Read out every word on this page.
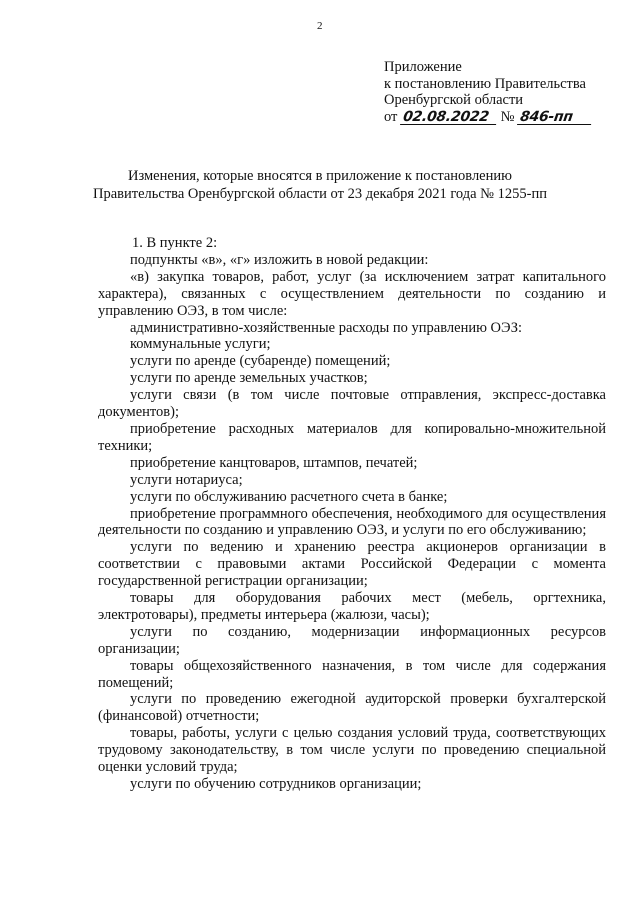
2
Приложение
к постановлению Правительства
Оренбургской области
от 02.08.2022 № 846-пп
Изменения, которые вносятся в приложение к постановлению
Правительства Оренбургской области от 23 декабря 2021 года № 1255-пп

1. В пункте 2:

подпункты «в», «г» изложить в новой редакции:

«в) закупка товаров, работ, услуг (за исключением затрат капитального характера), связанных с осуществлением деятельности по созданию и управлению ОЭЗ, в том числе:

административно-хозяйственные расходы по управлению ОЭЗ:

коммунальные услуги;

услуги по аренде (субаренде) помещений;

услуги по аренде земельных участков;

услуги связи (в том числе почтовые отправления, экспресс-доставка документов);

приобретение расходных материалов для копировально-множительной техники;

приобретение канцтоваров, штампов, печатей;

услуги нотариуса;

услуги по обслуживанию расчетного счета в банке;

приобретение программного обеспечения, необходимого для осуществления деятельности по созданию и управлению ОЭЗ, и услуги по его обслуживанию;

услуги по ведению и хранению реестра акционеров организации в соответствии с правовыми актами Российской Федерации с момента государственной регистрации организации;

товары для оборудования рабочих мест (мебель, оргтехника, электротовары), предметы интерьера (жалюзи, часы);

услуги по созданию, модернизации информационных ресурсов организации;

товары общехозяйственного назначения, в том числе для содержания помещений;

услуги по проведению ежегодной аудиторской проверки бухгалтерской (финансовой) отчетности;

товары, работы, услуги с целью создания условий труда, соответствующих трудовому законодательству, в том числе услуги по проведению специальной оценки условий труда;

услуги по обучению сотрудников организации;
